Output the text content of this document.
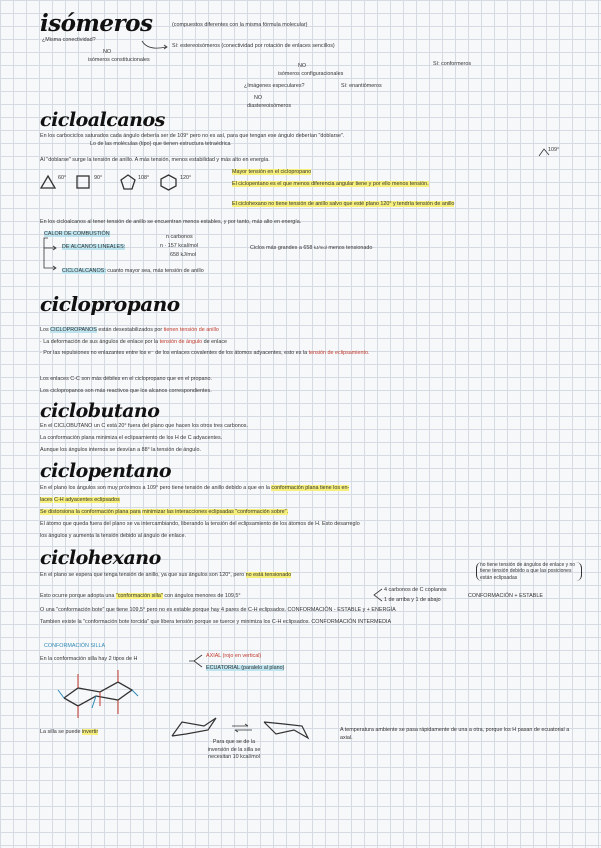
isómeros	(compuestos diferentes con la misma fórmula molecular)
¿Misma conectividad?
NO
isómeros constitucionales
Sí: estereoisómeros (conectividad por rotación de enlaces sencillos)
Sí: conformeros
NO
isómeros configuracionales
¿Imágenes especulares?	Sí: enantiómeros
NO
diastereoisómeros
cicloalcanos
En los carbociclos saturados cada ángulo debería ser de 109° pero no es así, para que tengan ese ángulo deberían "doblarse".
Lo de las moléculas (tipo) que tienen estructura tetraédrica
109°
Al "doblarse" surge la tensión de anillo. A más tensión, menos estabilidad y más alto en energía.
60°	90°	108°	120°
Mayor tensión en el ciclopropano
El ciclopentano es el que menos diferencia angular tiene y por ello menos tensión.
El ciclohexano no tiene tensión de anillo salvo que esté plano 120° y tendría tensión de anillo
En los cicloalcanos al tener tensión de anillo se encuentran menos estables, y por tanto, más alto en energía.
CALOR DE COMBUSTIÓN
DE ALCANOS LINEALES:
n carbonos
n · 157 kcal/mol
658 kJ/mol
Ciclos más grandes a 658 kJ/mol menos tensionado
CICLOALCANOS: cuanto mayor sea, más tensión de anillo
ciclopropano
Los CICLOPROPANOS están desestabilizados por tienen tensión de anillo
· La deformación de sus ángulos de enlace por la tensión de ángulo de enlace
· Por las repulsiones no enlazantes entre los e⁻ de los enlaces covalentes de los átomos adyacentes, esto es la tensión de eclipsamiento.
Los enlaces C-C son más débiles en el ciclopropano que en el propano.
Los ciclopropanos son más reactivos que los alcanos correspondientes.
ciclobutano
En el CICLOBUTANO un C está 20° fuera del plano que hacen los otros tres carbonos.
La conformación plana minimiza el eclipsamiento de los H de C adyacentes.
Aunque los ángulos internos se desvían a 88° la tensión de ángulo.
ciclopentano
En el plano los ángulos son muy próximos a 109° pero tiene tensión de anillo debido a que en la conformación plana tiene los en-
laces C-H adyacentes eclipsados
Se distorsiona la conformación plana para minimizar las interacciones eclipsadas "conformación sobre".
El átomo que queda fuera del plano se va intercambiando, liberando la tensión del eclipsamiento de los átomos de H. Esto desarreglo
los ángulos y aumenta la tensión debido al ángulo de enlace.
ciclohexano
En el plano se espera que tenga tensión de anillo, ya que sus ángulos son 120°, pero no está tensionado
no tiene tensión de ángulos de enlace y no tiene tensión debido a que las posiciones están eclipsadas
Esto ocurre porque adopta una "conformación silla" con ángulos menores de 109,5°
4 carbonos de C coplanos
1 de arriba y 1 de abajo
CONFORMACIÓN + ESTABLE
O una "conformación bote" que tiene 109,5° pero no es estable porque hay 4 pares de C-H eclipsados. CONFORMACIÓN - ESTABLE y + ENERGÍA
Tambien existe la "conformación bote torcida" que libera tensión porque se tuerce y minimiza los C-H eclipsados. CONFORMACIÓN INTERMEDIA
CONFORMACIÓN SILLA
En la conformación silla hay 2 tipos de H	AXIAL (rojo en vertical)
ECUATORIAL (paralelo al plano)
La silla se puede invertir
Para que se de la inversión de la silla se necesitan 10 kcal/mol
A temperatura ambiente se pasa rápidamente de una a otra, porque los H pasan de ecuatorial a axial.
